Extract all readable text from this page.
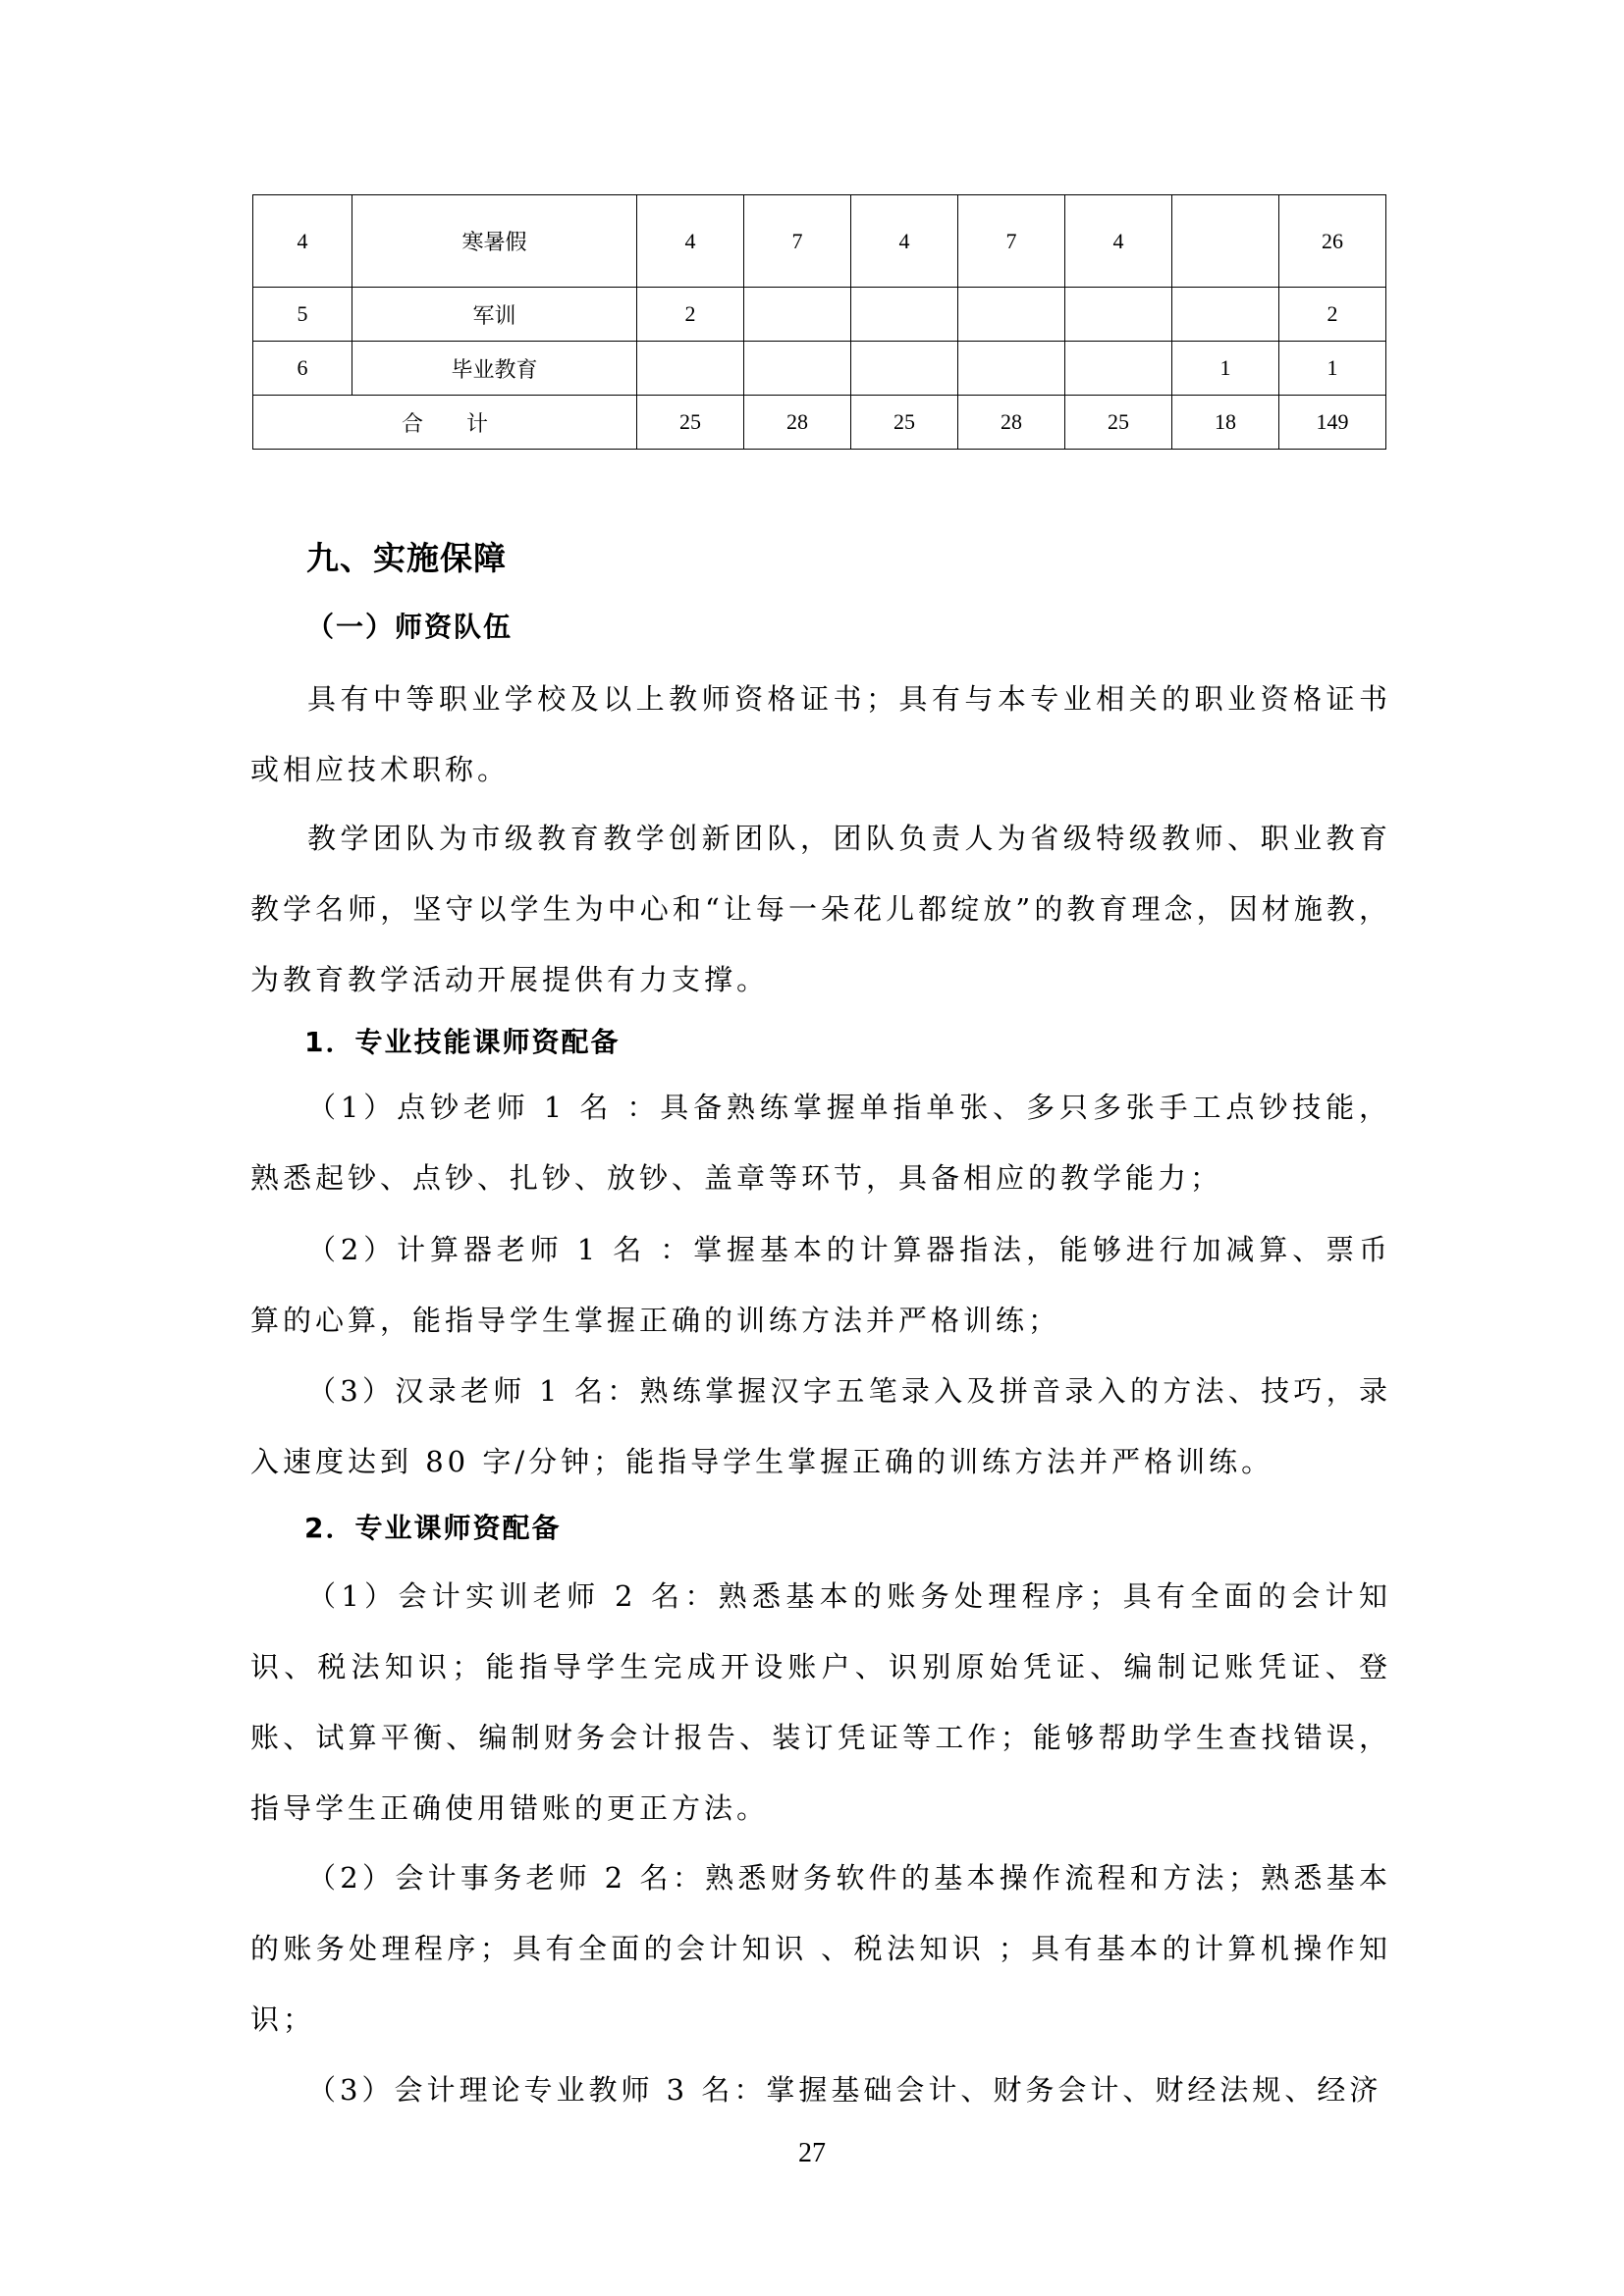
4	寒暑假	4	7	4	7	4		26
5	军训	2						2
6	毕业教育						1	1
合　　计		25	28	25	28	25	18	149
九、实施保障
（一）师资队伍
具有中等职业学校及以上教师资格证书；具有与本专业相关的职业资格证书或相应技术职称。
教学团队为市级教育教学创新团队，团队负责人为省级特级教师、职业教育教学名师，坚守以学生为中心和“让每一朵花儿都绽放”的教育理念，因材施教，为教育教学活动开展提供有力支撑。
1．专业技能课师资配备
（1）点钞老师 1 名 ：具备熟练掌握单指单张、多只多张手工点钞技能，熟悉起钞、点钞、扎钞、放钞、盖章等环节，具备相应的教学能力；
（2）计算器老师 1 名 ：掌握基本的计算器指法，能够进行加减算、票币算的心算，能指导学生掌握正确的训练方法并严格训练；
（3）汉录老师 1 名：熟练掌握汉字五笔录入及拼音录入的方法、技巧，录入速度达到 80 字/分钟；能指导学生掌握正确的训练方法并严格训练。
2．专业课师资配备
（1）会计实训老师 2 名：熟悉基本的账务处理程序；具有全面的会计知识、税法知识；能指导学生完成开设账户、识别原始凭证、编制记账凭证、登账、试算平衡、编制财务会计报告、装订凭证等工作；能够帮助学生查找错误，指导学生正确使用错账的更正方法。
（2）会计事务老师 2 名：熟悉财务软件的基本操作流程和方法；熟悉基本的账务处理程序；具有全面的会计知识 、税法知识 ；具有基本的计算机操作知识；
（3）会计理论专业教师 3 名：掌握基础会计、财务会计、财经法规、经济
27
